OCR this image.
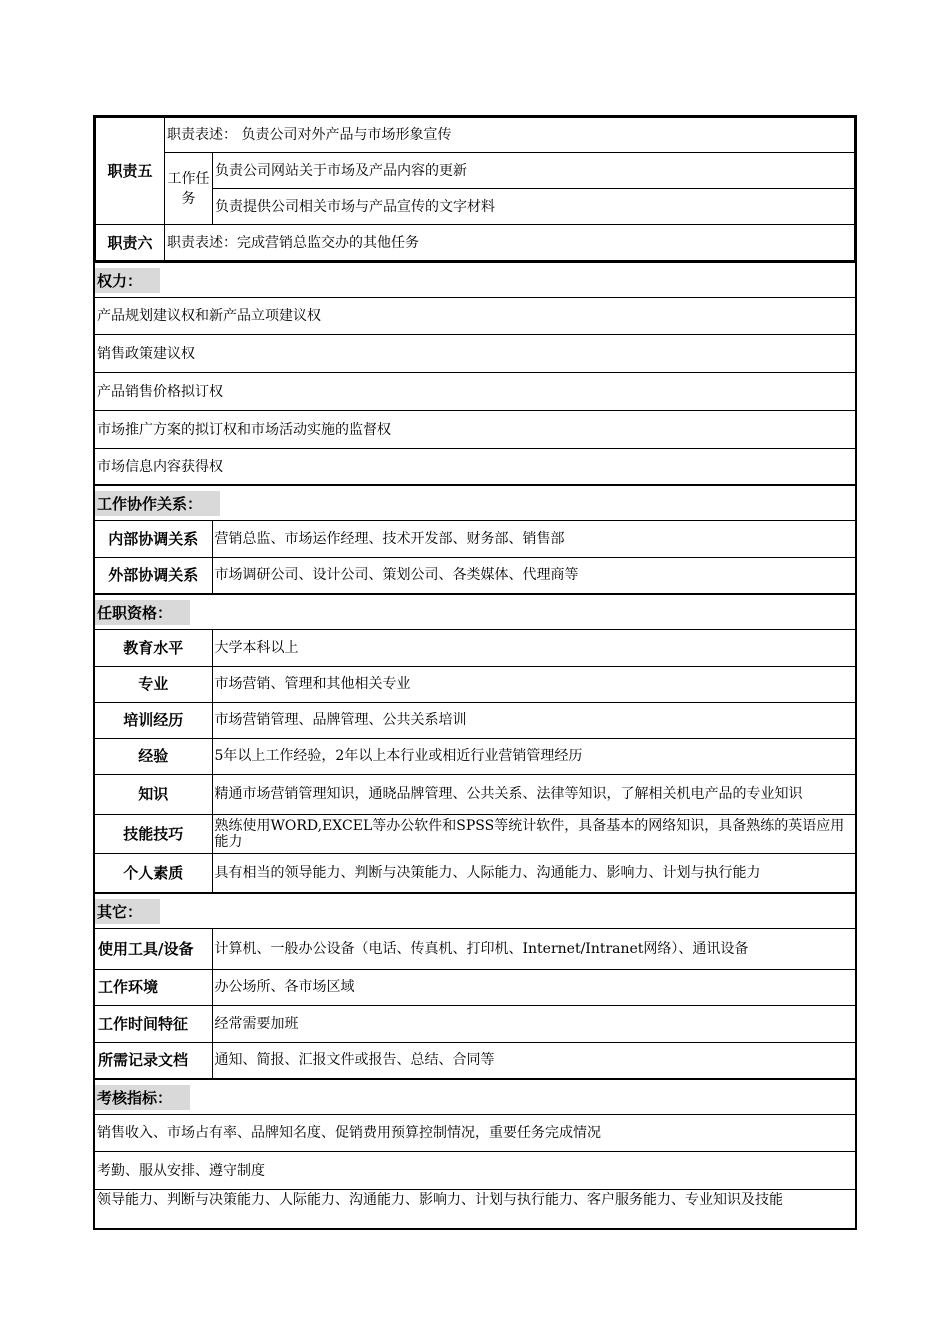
职责五	职责表述： 负责公司对外产品与市场形象宣传	
	工作任务	负责公司网站关于市场及产品内容的更新
		负责提供公司相关市场与产品宣传的文字材料
职责六	职责表述：完成营销总监交办的其他任务	
权力：
产品规划建议权和新产品立项建议权
销售政策建议权
产品销售价格拟订权
市场推广方案的拟订权和市场活动实施的监督权
市场信息内容获得权
工作协作关系：
内部协调关系	营销总监、市场运作经理、技术开发部、财务部、销售部
外部协调关系	市场调研公司、设计公司、策划公司、各类媒体、代理商等
任职资格：
教育水平	大学本科以上
专业	市场营销、管理和其他相关专业
培训经历	市场营销管理、品牌管理、公共关系培训
经验	5年以上工作经验，2年以上本行业或相近行业营销管理经历
知识	精通市场营销管理知识，通晓品牌管理、公共关系、法律等知识，了解相关机电产品的专业知识
技能技巧	熟练使用WORD,EXCEL等办公软件和SPSS等统计软件，具备基本的网络知识，具备熟练的英语应用能力
个人素质	具有相当的领导能力、判断与决策能力、人际能力、沟通能力、影响力、计划与执行能力
其它：
使用工具/设备	计算机、一般办公设备（电话、传真机、打印机、Internet/Intranet网络）、通讯设备
工作环境	办公场所、各市场区域
工作时间特征	经常需要加班
所需记录文档	通知、简报、汇报文件或报告、总结、合同等
考核指标：
销售收入、市场占有率、品牌知名度、促销费用预算控制情况，重要任务完成情况
考勤、服从安排、遵守制度
领导能力、判断与决策能力、人际能力、沟通能力、影响力、计划与执行能力、客户服务能力、专业知识及技能
